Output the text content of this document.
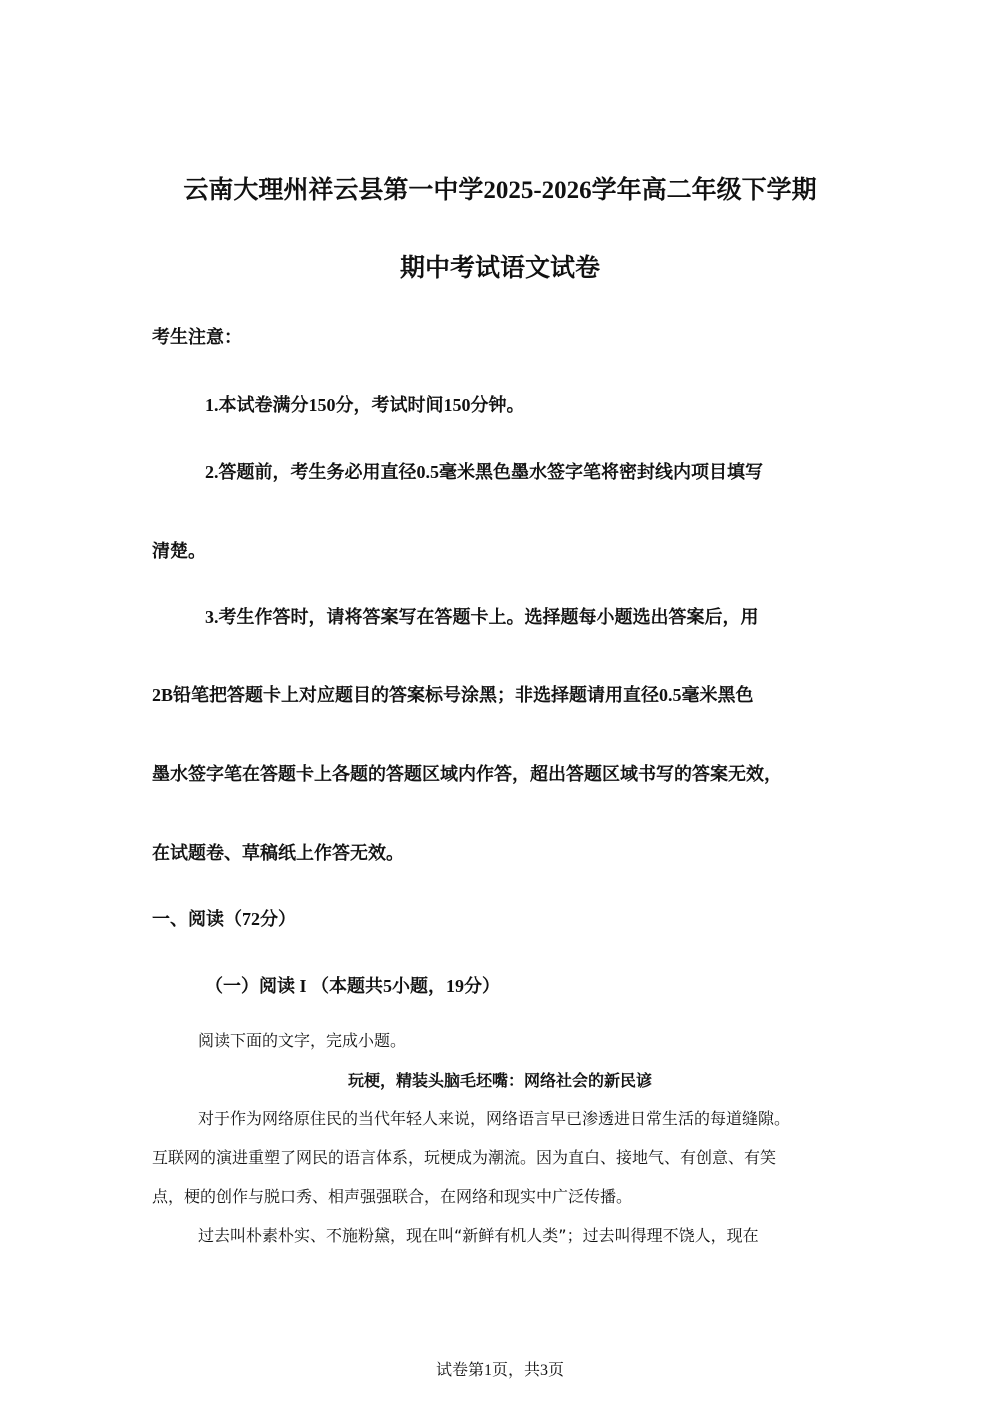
云南大理州祥云县第一中学2025-2026学年高二年级下学期
期中考试语文试卷
考生注意：
1.本试卷满分150分，考试时间150分钟。
2.答题前，考生务必用直径0.5毫米黑色墨水签字笔将密封线内项目填写
清楚。
3.考生作答时，请将答案写在答题卡上。选择题每小题选出答案后，用
2B铅笔把答题卡上对应题目的答案标号涂黑；非选择题请用直径0.5毫米黑色
墨水签字笔在答题卡上各题的答题区域内作答，超出答题区域书写的答案无效，
在试题卷、草稿纸上作答无效。
一、阅读（72分）
（一）阅读 I （本题共5小题，19分）
阅读下面的文字，完成小题。
玩梗，精装头脑毛坯嘴：网络社会的新民谚
对于作为网络原住民的当代年轻人来说，网络语言早已渗透进日常生活的每道缝隙。
互联网的演进重塑了网民的语言体系，玩梗成为潮流。因为直白、接地气、有创意、有笑
点，梗的创作与脱口秀、相声强强联合，在网络和现实中广泛传播。
过去叫朴素朴实、不施粉黛，现在叫“新鲜有机人类”；过去叫得理不饶人，现在
试卷第1页，共3页
